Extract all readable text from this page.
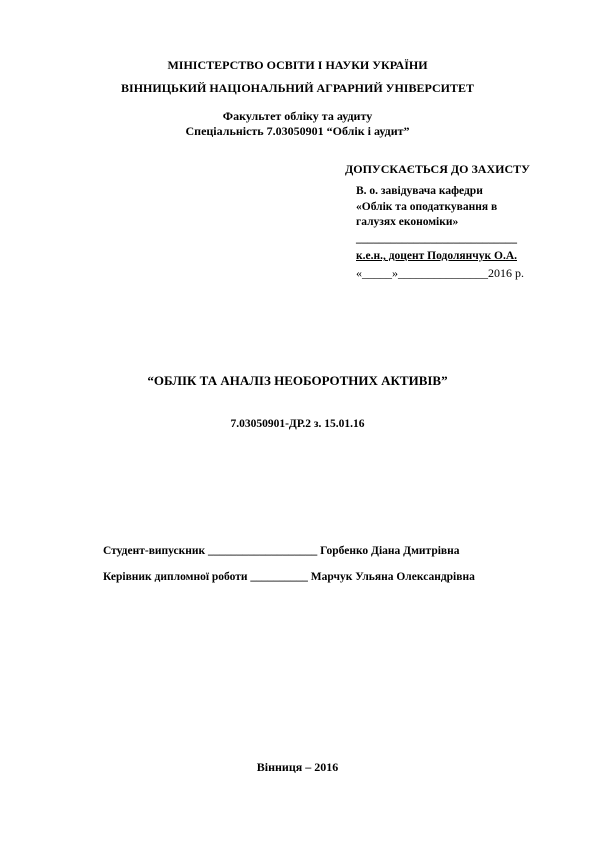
МІНІСТЕРСТВО ОСВІТИ І НАУКИ УКРАЇНИ
ВІННИЦЬКИЙ НАЦІОНАЛЬНИЙ АГРАРНИЙ УНІВЕРСИТЕТ
Факультет обліку та аудиту
Спеціальність 7.03050901 “Облік і аудит”
ДОПУСКАЄТЬСЯ ДО ЗАХИСТУ
В. о. завідувача кафедри
«Облік та оподаткування в
галузях економіки»
____________________________
к.е.н., доцент Подолянчук О.А.
«_____»_______________2016 р.
“ОБЛІК ТА АНАЛІЗ НЕОБОРОТНИХ АКТИВІВ”
7.03050901-ДР.2 з. 15.01.16
Студент-випускник ___________________ Горбенко Діана Дмитрівна
Керівник дипломної роботи __________ Марчук Ульяна Олександрівна
Вінниця – 2016
